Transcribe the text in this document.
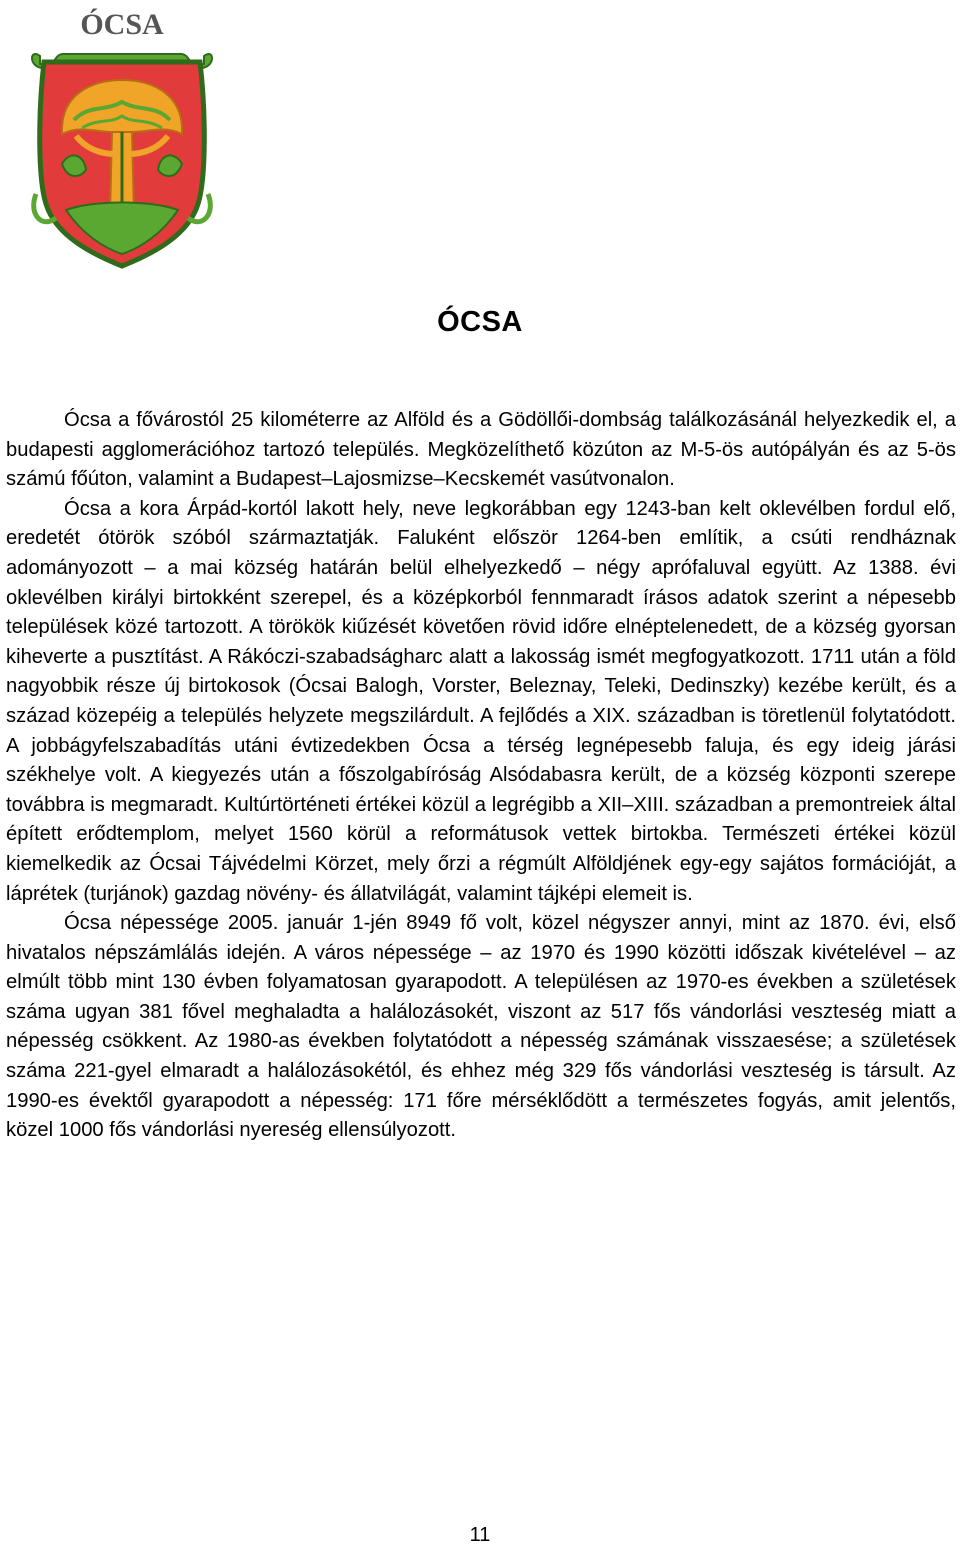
ÓCSA
ÓCSA

Ócsa a fővárostól 25 kilométerre az Alföld és a Gödöllői-dombság találkozásánál helyezkedik el, a budapesti agglomerációhoz tartozó település. Megközelíthető közúton az M-5-ös autópályán és az 5-ös számú főúton, valamint a Budapest–Lajosmizse–Kecskemét vasútvonalon.

Ócsa a kora Árpád-kortól lakott hely, neve legkorábban egy 1243-ban kelt oklevélben fordul elő, eredetét ótörök szóból származtatják. Faluként először 1264-ben említik, a csúti rendháznak adományozott – a mai község határán belül elhelyezkedő – négy aprófaluval együtt. Az 1388. évi oklevélben királyi birtokként szerepel, és a középkorból fennmaradt írásos adatok szerint a népesebb települések közé tartozott. A törökök kiűzését követően rövid időre elnéptelenedett, de a község gyorsan kiheverte a pusztítást. A Rákóczi-szabadságharc alatt a lakosság ismét megfogyatkozott. 1711 után a föld nagyobbik része új birtokosok (Ócsai Balogh, Vorster, Beleznay, Teleki, Dedinszky) kezébe került, és a század közepéig a település helyzete megszilárdult. A fejlődés a XIX. században is töretlenül folytatódott. A jobbágyfelszabadítás utáni évtizedekben Ócsa a térség legnépesebb faluja, és egy ideig járási székhelye volt. A kiegyezés után a főszolgabíróság Alsódabasra került, de a község központi szerepe továbbra is megmaradt. Kultúrtörténeti értékei közül a legrégibb a XII–XIII. században a premontreiek által épített erődtemplom, melyet 1560 körül a reformátusok vettek birtokba. Természeti értékei közül kiemelkedik az Ócsai Tájvédelmi Körzet, mely őrzi a régmúlt Alföldjének egy-egy sajátos formációját, a láprétek (turjánok) gazdag növény- és állatvilágát, valamint tájképi elemeit is.

Ócsa népessége 2005. január 1-jén 8949 fő volt, közel négyszer annyi, mint az 1870. évi, első hivatalos népszámlálás idején. A város népessége – az 1970 és 1990 közötti időszak kivételével – az elmúlt több mint 130 évben folyamatosan gyarapodott. A településen az 1970-es években a születések száma ugyan 381 fővel meghaladta a halálozásokét, viszont az 517 fős vándorlási veszteség miatt a népesség csökkent. Az 1980-as években folytatódott a népesség számának visszaesése; a születések száma 221-gyel elmaradt a halálozásokétól, és ehhez még 329 fős vándorlási veszteség is társult. Az 1990-es évektől gyarapodott a népesség: 171 főre mérséklődött a természetes fogyás, amit jelentős, közel 1000 fős vándorlási nyereség ellensúlyozott.

11
